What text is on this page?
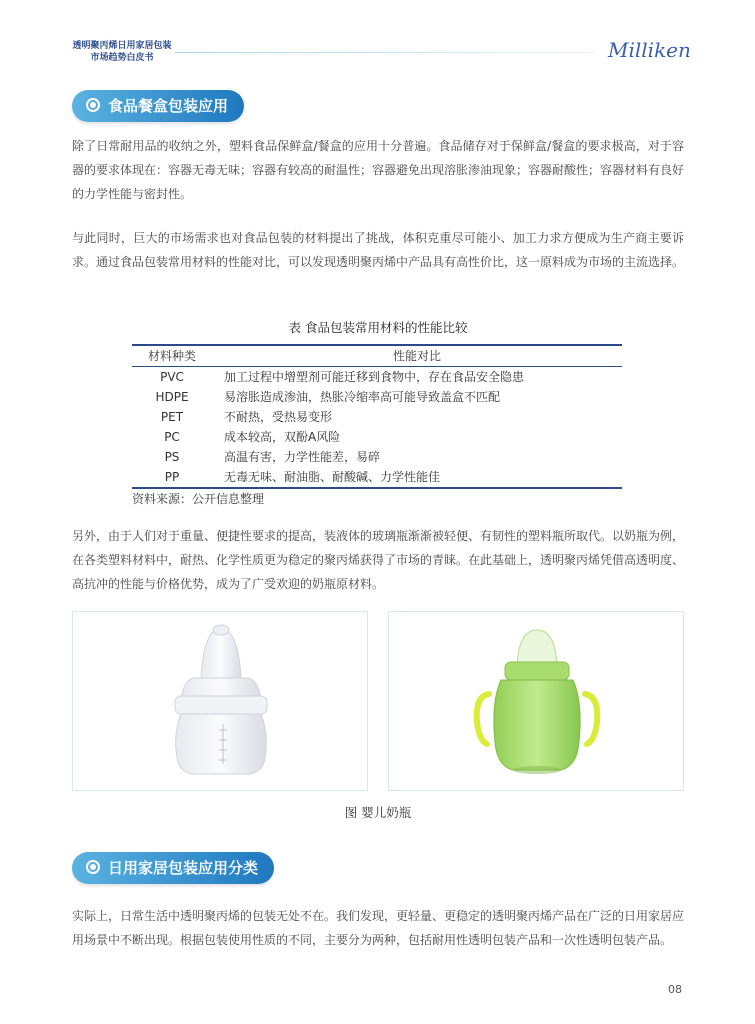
透明聚丙烯日用家居包装
市场趋势白皮书	Milliken
食品餐盒包装应用
除了日常耐用品的收纳之外，塑料食品保鲜盒/餐盒的应用十分普遍。食品储存对于保鲜盒/餐盒的要求极高，对于容器的要求体现在：容器无毒无味；容器有较高的耐温性；容器避免出现溶胀渗油现象；容器耐酸性；容器材料有良好的力学性能与密封性。
与此同时，巨大的市场需求也对食品包装的材料提出了挑战，体积克重尽可能小、加工力求方便成为生产商主要诉求。通过食品包装常用材料的性能对比，可以发现透明聚丙烯中产品具有高性价比，这一原料成为市场的主流选择。
表 食品包装常用材料的性能比较
材料种类	性能对比
PVC	加工过程中增塑剂可能迁移到食物中，存在食品安全隐患
HDPE	易溶胀造成渗油，热胀冷缩率高可能导致盖盒不匹配
PET	不耐热，受热易变形
PC	成本较高，双酚A风险
PS	高温有害，力学性能差，易碎
PP	无毒无味、耐油脂、耐酸碱、力学性能佳
资料来源：公开信息整理
另外，由于人们对于重量、便捷性要求的提高，装液体的玻璃瓶渐渐被轻便、有韧性的塑料瓶所取代。以奶瓶为例，在各类塑料材料中，耐热、化学性质更为稳定的聚丙烯获得了市场的青睐。在此基础上，透明聚丙烯凭借高透明度、高抗冲的性能与价格优势，成为了广受欢迎的奶瓶原材料。
图 婴儿奶瓶
日用家居包装应用分类
实际上，日常生活中透明聚丙烯的包装无处不在。我们发现，更轻量、更稳定的透明聚丙烯产品在广泛的日用家居应用场景中不断出现。根据包装使用性质的不同，主要分为两种，包括耐用性透明包装产品和一次性透明包装产品。
08
